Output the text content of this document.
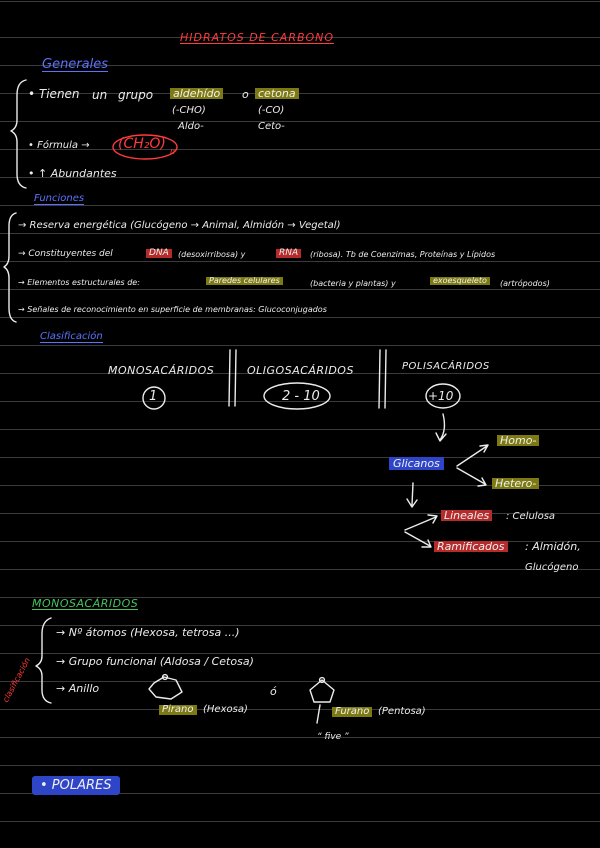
HIDRATOS DE CARBONO
Generales
• Tienen un grupo aldehído o cetona
(-CHO)	(-CO)
Aldo-	Ceto-
• Fórmula → (CH₂O) n
• ↑ Abundantes
Funciones
→ Reserva energética (Glucógeno → Animal, Almidón → Vegetal)
→ Constituyentes del	DNA	(desoxirribosa) y	RNA	(ribosa). Tb de Coenzimas, Proteínas y Lípidos
→ Elementos estructurales de:	Paredes celulares	(bacteria y plantas) y	exoesqueleto	(artrópodos)
→ Señales de reconocimiento en superficie de membranas: Glucoconjugados
Clasificación
MONOSACÁRIDOS	OLIGOSACÁRIDOS	POLISACÁRIDOS
1	2 - 10	+10
Glicanos
Homo-
Hetero-
Lineales	: Celulosa
Ramificados : Almidón,
Glucógeno
MONOSACÁRIDOS
clasificación
→ Nº átomos (Hexosa, tetrosa ...)
→ Grupo funcional (Aldosa / Cetosa)
→ Anillo	ó
Pirano (Hexosa)	Furano (Pentosa)
“ five ”
• POLARES
